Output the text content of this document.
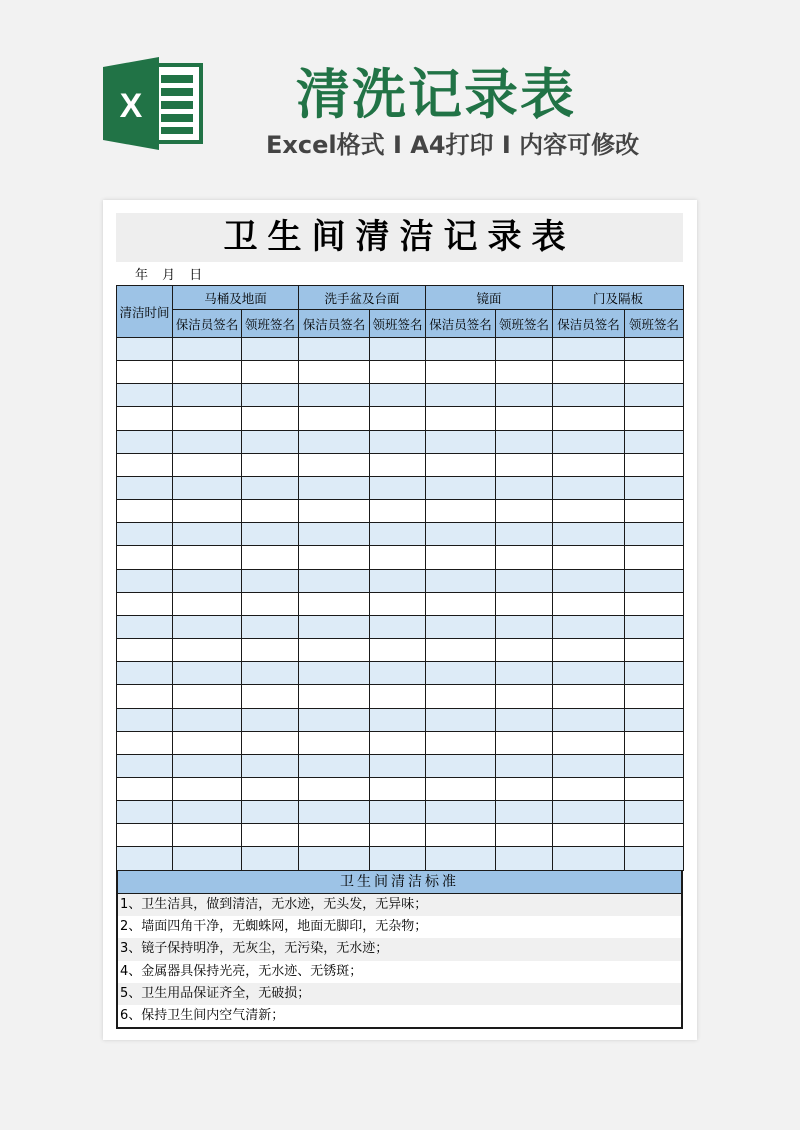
X	清洗记录表
Excel格式 I A4打印 I 内容可修改
卫生间清洁记录表
年 月 日
清洁时间	马桶及地面		洗手盆及台面		镜面		门及隔板	
	保洁员签名	领班签名	保洁员签名	领班签名	保洁员签名	领班签名	保洁员签名	领班签名

卫生间清洁标准
1、卫生洁具，做到清洁，无水迹，无头发，无异味；
2、墙面四角干净，无蜘蛛网，地面无脚印，无杂物；
3、镜子保持明净，无灰尘，无污染，无水迹；
4、金属器具保持光亮，无水迹、无锈斑；
5、卫生用品保证齐全，无破损；
6、保持卫生间内空气清新；
